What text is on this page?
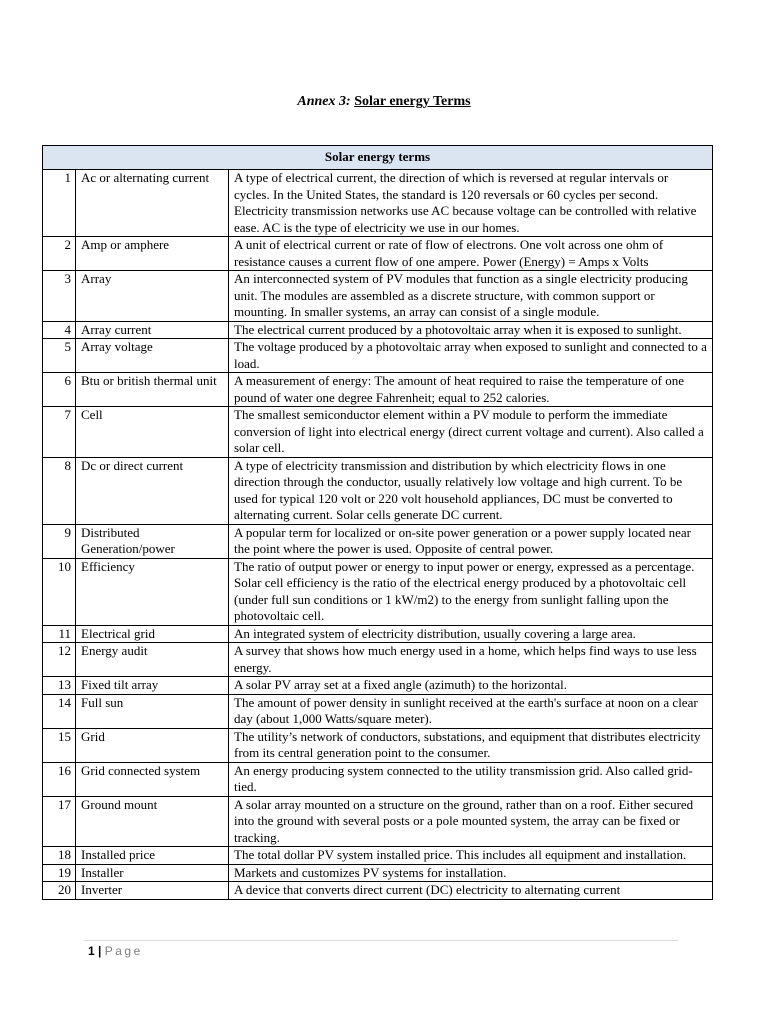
Annex 3: Solar energy Terms
Solar energy terms		
1	Ac or alternating current	A type of electrical current, the direction of which is reversed at regular intervals or cycles. In the United States, the standard is 120 reversals or 60 cycles per second. Electricity transmission networks use AC because voltage can be controlled with relative ease. AC is the type of electricity we use in our homes.
2	Amp or amphere	A unit of electrical current or rate of flow of electrons. One volt across one ohm of resistance causes a current flow of one ampere. Power (Energy) = Amps x Volts
3	Array	An interconnected system of PV modules that function as a single electricity producing unit. The modules are assembled as a discrete structure, with common support or mounting. In smaller systems, an array can consist of a single module.
4	Array current	The electrical current produced by a photovoltaic array when it is exposed to sunlight.
5	Array voltage	The voltage produced by a photovoltaic array when exposed to sunlight and connected to a load.
6	Btu or british thermal unit	A measurement of energy: The amount of heat required to raise the temperature of one pound of water one degree Fahrenheit; equal to 252 calories.
7	Cell	The smallest semiconductor element within a PV module to perform the immediate conversion of light into electrical energy (direct current voltage and current). Also called a solar cell.
8	Dc or direct current	A type of electricity transmission and distribution by which electricity flows in one direction through the conductor, usually relatively low voltage and high current. To be used for typical 120 volt or 220 volt household appliances, DC must be converted to alternating current. Solar cells generate DC current.
9	Distributed Generation/power	A popular term for localized or on-site power generation or a power supply located near the point where the power is used. Opposite of central power.
10	Efficiency	The ratio of output power or energy to input power or energy, expressed as a percentage. Solar cell efficiency is the ratio of the electrical energy produced by a photovoltaic cell (under full sun conditions or 1 kW/m2) to the energy from sunlight falling upon the photovoltaic cell.
11	Electrical grid	An integrated system of electricity distribution, usually covering a large area.
12	Energy audit	A survey that shows how much energy used in a home, which helps find ways to use less energy.
13	Fixed tilt array	A solar PV array set at a fixed angle (azimuth) to the horizontal.
14	Full sun	The amount of power density in sunlight received at the earth's surface at noon on a clear day (about 1,000 Watts/square meter).
15	Grid	The utility’s network of conductors, substations, and equipment that distributes electricity from its central generation point to the consumer.
16	Grid connected system	An energy producing system connected to the utility transmission grid. Also called grid-tied.
17	Ground mount	A solar array mounted on a structure on the ground, rather than on a roof. Either secured into the ground with several posts or a pole mounted system, the array can be fixed or tracking.
18	Installed price	The total dollar PV system installed price. This includes all equipment and installation.
19	Installer	Markets and customizes PV systems for installation.
20	Inverter	A device that converts direct current (DC) electricity to alternating current
1 | Page
